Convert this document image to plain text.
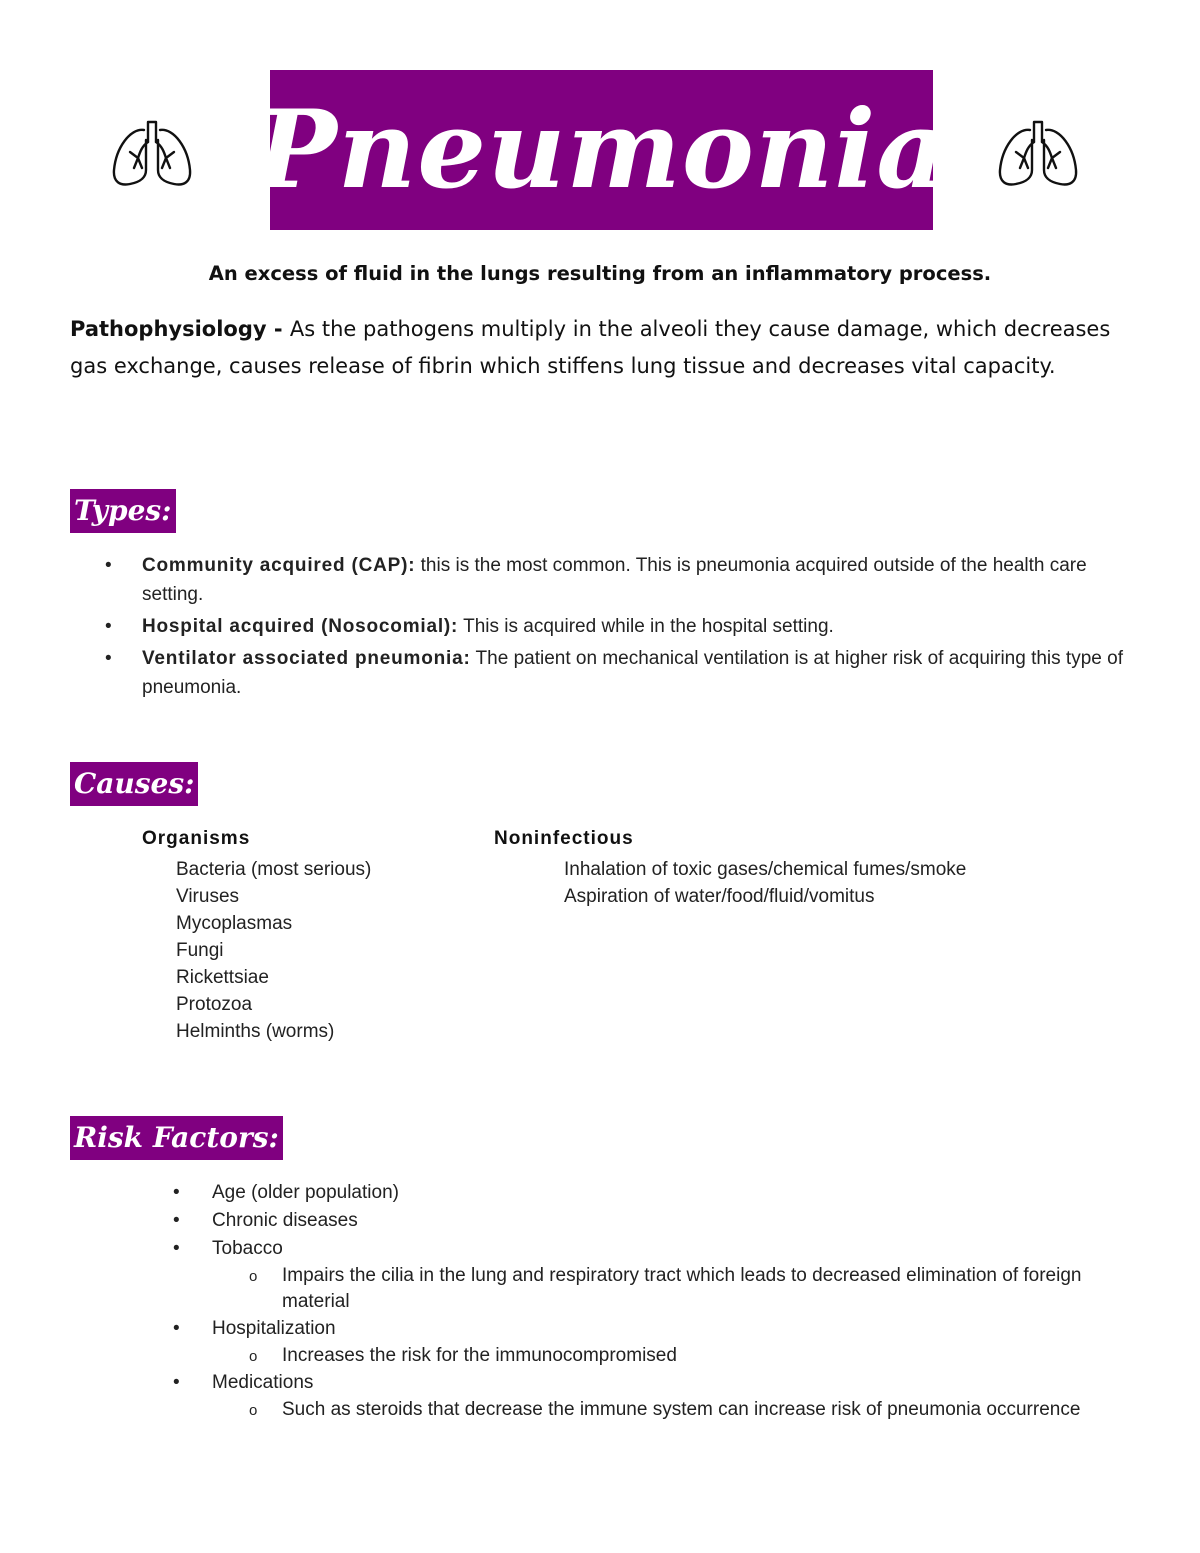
Pneumonia
An excess of fluid in the lungs resulting from an inflammatory process.
Pathophysiology - As the pathogens multiply in the alveoli they cause damage, which decreases gas exchange, causes release of fibrin which stiffens lung tissue and decreases vital capacity.
Types:
• Community acquired (CAP): this is the most common. This is pneumonia acquired outside of the health care setting.
• Hospital acquired (Nosocomial): This is acquired while in the hospital setting.
• Ventilator associated pneumonia: The patient on mechanical ventilation is at higher risk of acquiring this type of pneumonia.
Causes:
Organisms
Bacteria (most serious)
Viruses
Mycoplasmas
Fungi
Rickettsiae
Protozoa
Helminths (worms)
Noninfectious
Inhalation of toxic gases/chemical fumes/smoke
Aspiration of water/food/fluid/vomitus
Risk Factors:
• Age (older population)
• Chronic diseases
• Tobacco
o Impairs the cilia in the lung and respiratory tract which leads to decreased elimination of foreign material
• Hospitalization
o Increases the risk for the immunocompromised
• Medications
o Such as steroids that decrease the immune system can increase risk of pneumonia occurrence
